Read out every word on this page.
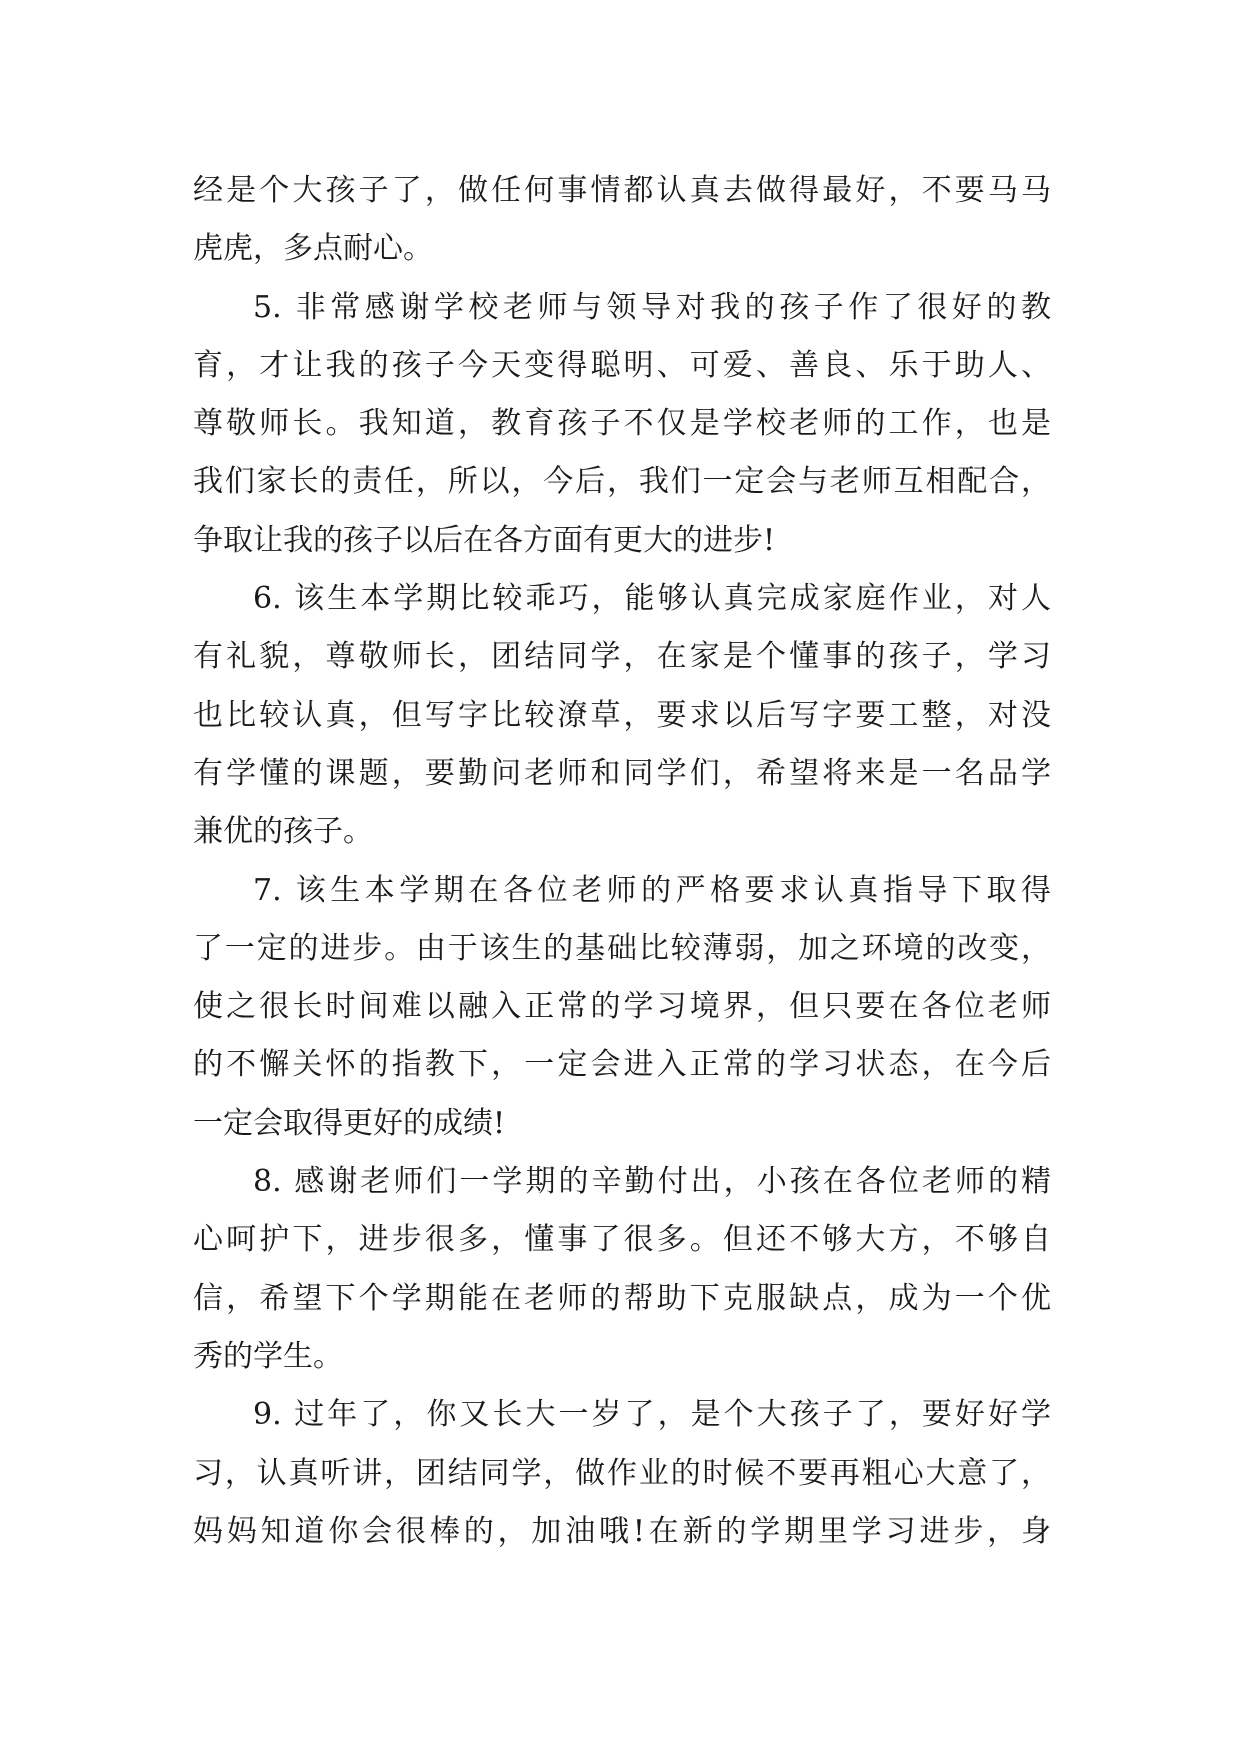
经是个大孩子了，做任何事情都认真去做得最好，不要马马
虎虎，多点耐心。
5. 非常感谢学校老师与领导对我的孩子作了很好的教
育，才让我的孩子今天变得聪明、可爱、善良、乐于助人、
尊敬师长。我知道，教育孩子不仅是学校老师的工作，也是
我们家长的责任，所以，今后，我们一定会与老师互相配合，
争取让我的孩子以后在各方面有更大的进步!
6. 该生本学期比较乖巧，能够认真完成家庭作业，对人
有礼貌，尊敬师长，团结同学，在家是个懂事的孩子，学习
也比较认真，但写字比较潦草，要求以后写字要工整，对没
有学懂的课题，要勤问老师和同学们，希望将来是一名品学
兼优的孩子。
7. 该生本学期在各位老师的严格要求认真指导下取得
了一定的进步。由于该生的基础比较薄弱，加之环境的改变，
使之很长时间难以融入正常的学习境界，但只要在各位老师
的不懈关怀的指教下，一定会进入正常的学习状态，在今后
一定会取得更好的成绩!
8. 感谢老师们一学期的辛勤付出，小孩在各位老师的精
心呵护下，进步很多，懂事了很多。但还不够大方，不够自
信，希望下个学期能在老师的帮助下克服缺点，成为一个优
秀的学生。
9. 过年了，你又长大一岁了，是个大孩子了，要好好学
习，认真听讲，团结同学，做作业的时候不要再粗心大意了，
妈妈知道你会很棒的，加油哦!在新的学期里学习进步，身
